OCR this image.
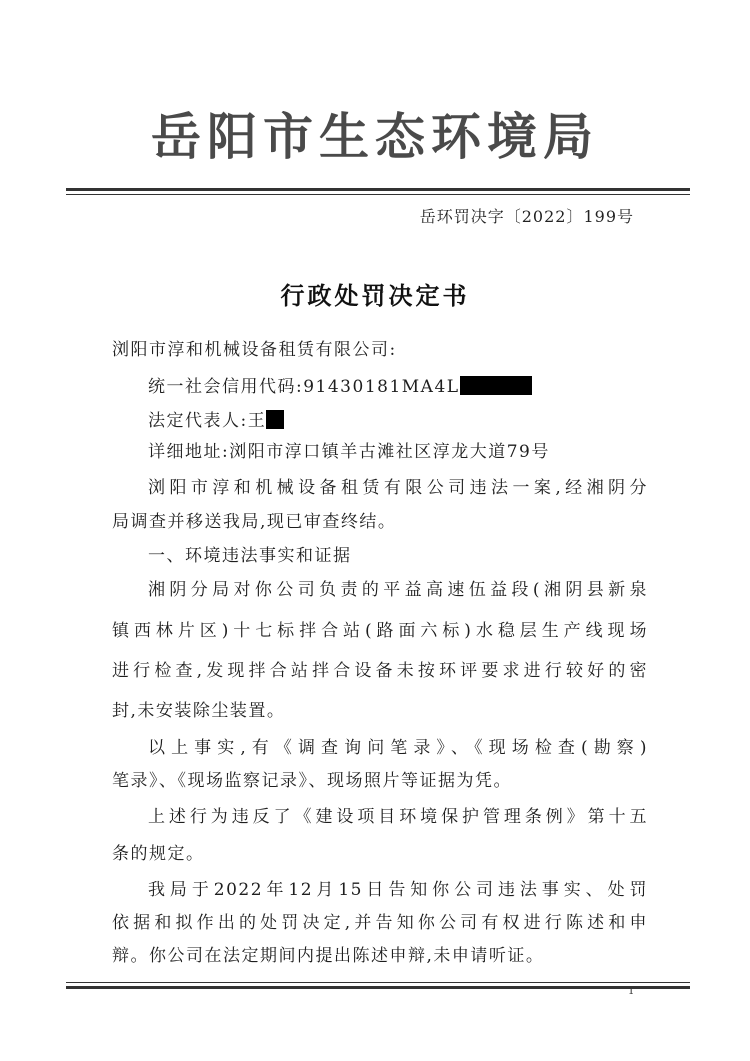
岳阳市生态环境局
岳环罚决字〔2022〕199号
行政处罚决定书
浏阳市淳和机械设备租赁有限公司:
统一社会信用代码:91430181MA4L
法定代表人:王
详细地址:浏阳市淳口镇羊古滩社区淳龙大道79号
浏阳市淳和机械设备租赁有限公司违法一案,经湘阴分
局调查并移送我局,现已审查终结。
一、环境违法事实和证据
湘阴分局对你公司负责的平益高速伍益段(湘阴县新泉
镇西林片区)十七标拌合站(路面六标)水稳层生产线现场
进行检查,发现拌合站拌合设备未按环评要求进行较好的密
封,未安装除尘装置。
以上事实,有《调查询问笔录》、《现场检查(勘察)
笔录》、《现场监察记录》、现场照片等证据为凭。
上述行为违反了《建设项目环境保护管理条例》第十五
条的规定。
我局于2022年12月15日告知你公司违法事实、处罚
依据和拟作出的处罚决定,并告知你公司有权进行陈述和申
辩。你公司在法定期间内提出陈述申辩,未申请听证。
1
